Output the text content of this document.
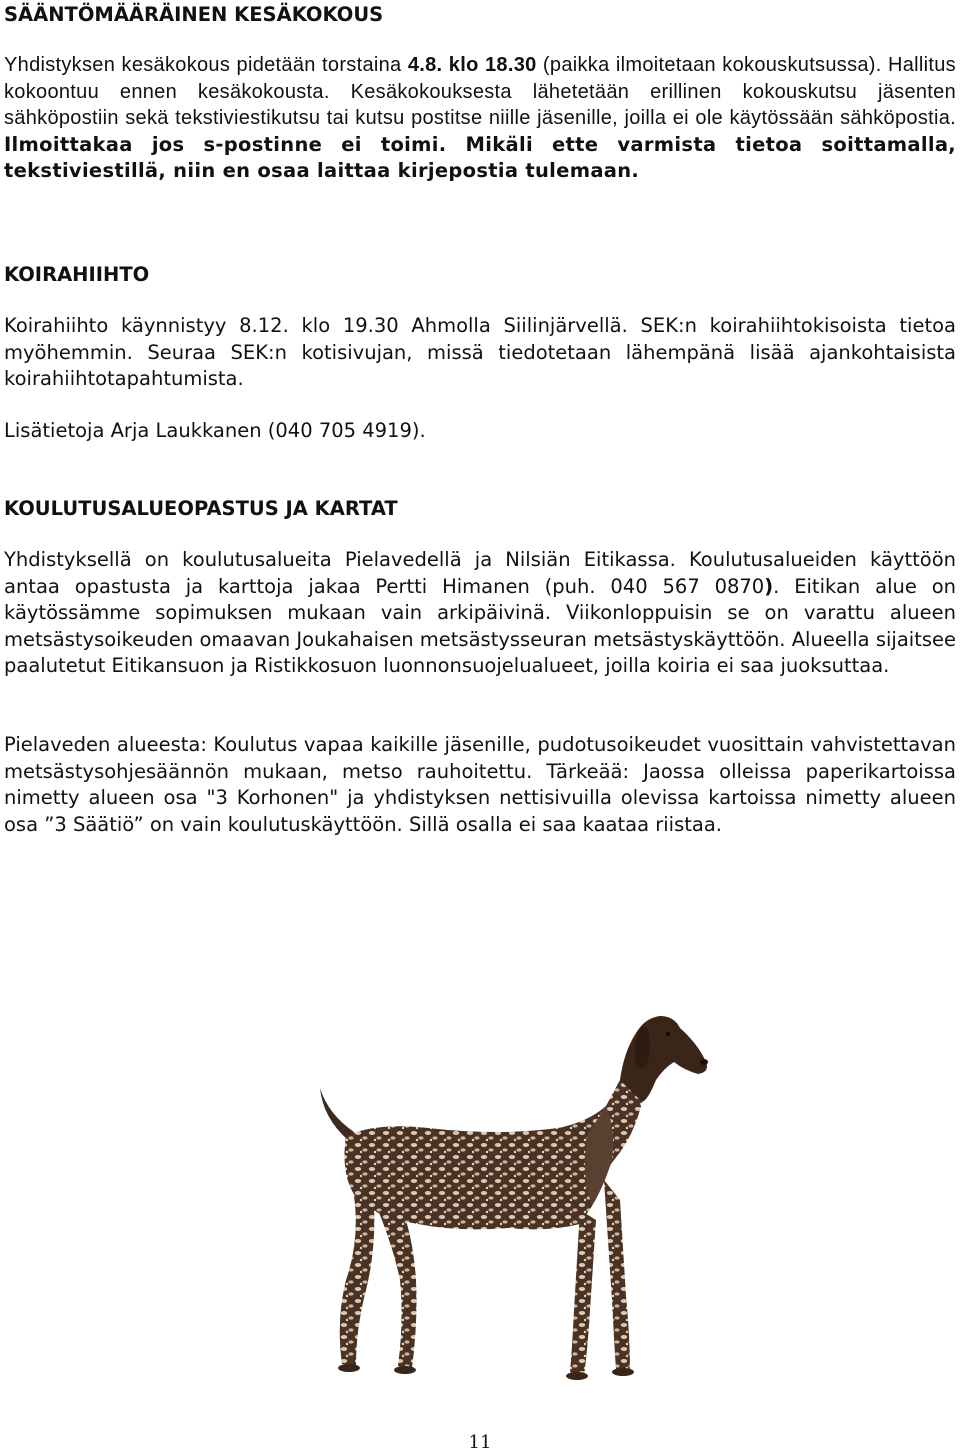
SÄÄNTÖMÄÄRÄINEN KESÄKOKOUS

Yhdistyksen kesäkokous pidetään torstaina 4.8. klo 18.30 (paikka ilmoitetaan kokouskutsussa). Hallitus kokoontuu ennen kesäkokousta. Kesäkokouksesta lähetetään erillinen kokouskutsu jäsenten sähköpostiin sekä tekstiviestikutsu tai kutsu postitse niille jäsenille, joilla ei ole käytössään sähköpostia. Ilmoittakaa jos s-postinne ei toimi. Mikäli ette varmista tietoa soittamalla, tekstiviestillä, niin en osaa laittaa kirjepostia tulemaan.

KOIRAHIIHTO

Koirahiihto käynnistyy 8.12. klo 19.30 Ahmolla Siilinjärvellä. SEK:n koirahiihtokisoista tietoa myöhemmin. Seuraa SEK:n kotisivujan, missä tiedotetaan lähempänä lisää ajankohtaisista koirahiihtotapahtumista.

Lisätietoja Arja Laukkanen (040 705 4919).

KOULUTUSALUEOPASTUS JA KARTAT

Yhdistyksellä on koulutusalueita Pielavedellä ja Nilsiän Eitikassa. Koulutusalueiden käyttöön antaa opastusta ja karttoja jakaa Pertti Himanen (puh. 040 567 0870). Eitikan alue on käytössämme sopimuksen mukaan vain arkipäivinä. Viikonloppuisin se on varattu alueen metsästysoikeuden omaavan Joukahaisen metsästysseuran metsästyskäyttöön. Alueella sijaitsee paalutetut Eitikansuon ja Ristikkosuon luonnonsuojelualueet, joilla koiria ei saa juoksuttaa.

Pielaveden alueesta: Koulutus vapaa kaikille jäsenille, pudotusoikeudet vuosittain vahvistettavan metsästysohjesäännön mukaan, metso rauhoitettu. Tärkeää: Jaossa olleissa paperikartoissa nimetty alueen osa "3 Korhonen" ja yhdistyksen nettisivuilla olevissa kartoissa nimetty alueen osa ”3 Säätiö” on vain koulutuskäyttöön. Sillä osalla ei saa kaataa riistaa.

11
